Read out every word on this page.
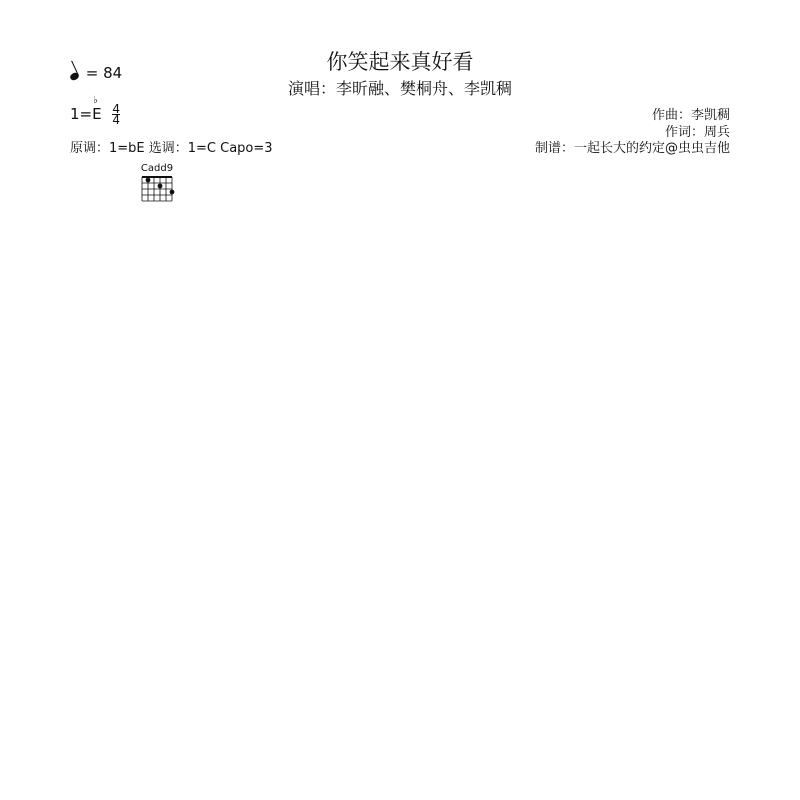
你笑起来真好看
演唱：李昕融、樊桐舟、李凯稠
= 84
1=
♭
E $\frac{4}{4}$	作曲：李凯稠
作词：周兵
原调：1=bE 选调：1=C Capo=3	制谱：一起长大的约定@虫虫吉他
Cadd9
